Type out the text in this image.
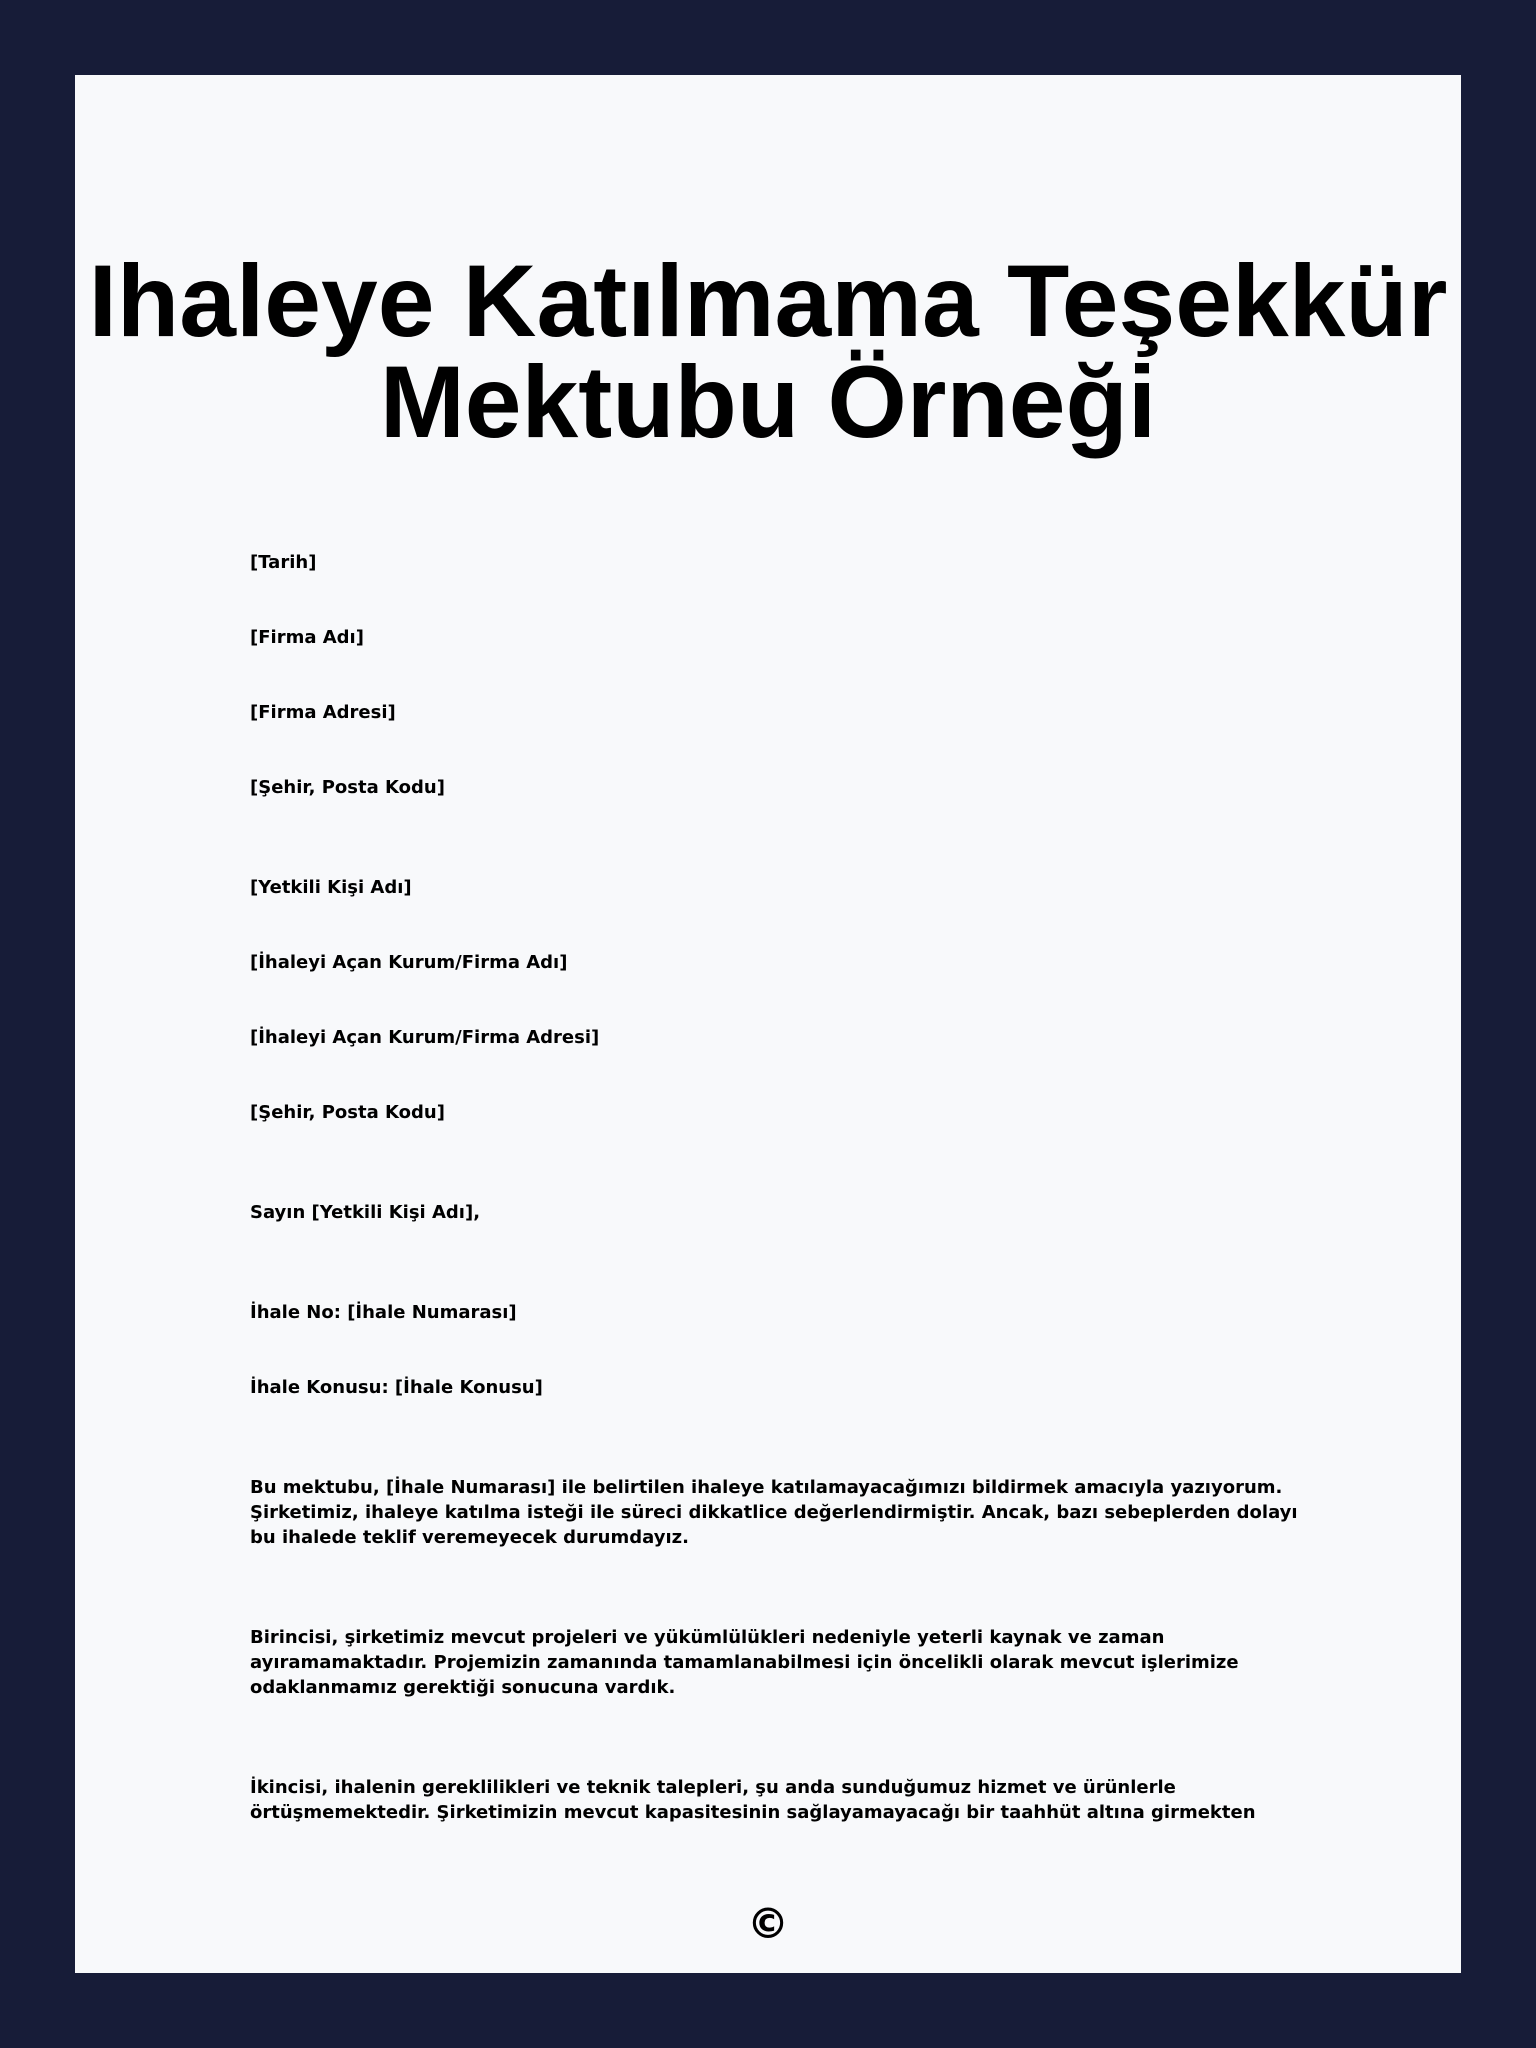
Ihaleye Katılmama Teşekkür Mektubu Örneği
[Tarih]
[Firma Adı]
[Firma Adresi]
[Şehir, Posta Kodu]
[Yetkili Kişi Adı]
[İhaleyi Açan Kurum/Firma Adı]
[İhaleyi Açan Kurum/Firma Adresi]
[Şehir, Posta Kodu]
Sayın [Yetkili Kişi Adı],
İhale No: [İhale Numarası]
İhale Konusu: [İhale Konusu]

Bu mektubu, [İhale Numarası] ile belirtilen ihaleye katılamayacağımızı bildirmek amacıyla yazıyorum. Şirketimiz, ihaleye katılma isteği ile süreci dikkatlice değerlendirmiştir. Ancak, bazı sebeplerden dolayı bu ihalede teklif veremeyecek durumdayız.

Birincisi, şirketimiz mevcut projeleri ve yükümlülükleri nedeniyle yeterli kaynak ve zaman ayıramamaktadır. Projemizin zamanında tamamlanabilmesi için öncelikli olarak mevcut işlerimize odaklanmamız gerektiği sonucuna vardık.

İkincisi, ihalenin gereklilikleri ve teknik talepleri, şu anda sunduğumuz hizmet ve ürünlerle örtüşmemektedir. Şirketimizin mevcut kapasitesinin sağlayamayacağı bir taahhüt altına girmekten

©
